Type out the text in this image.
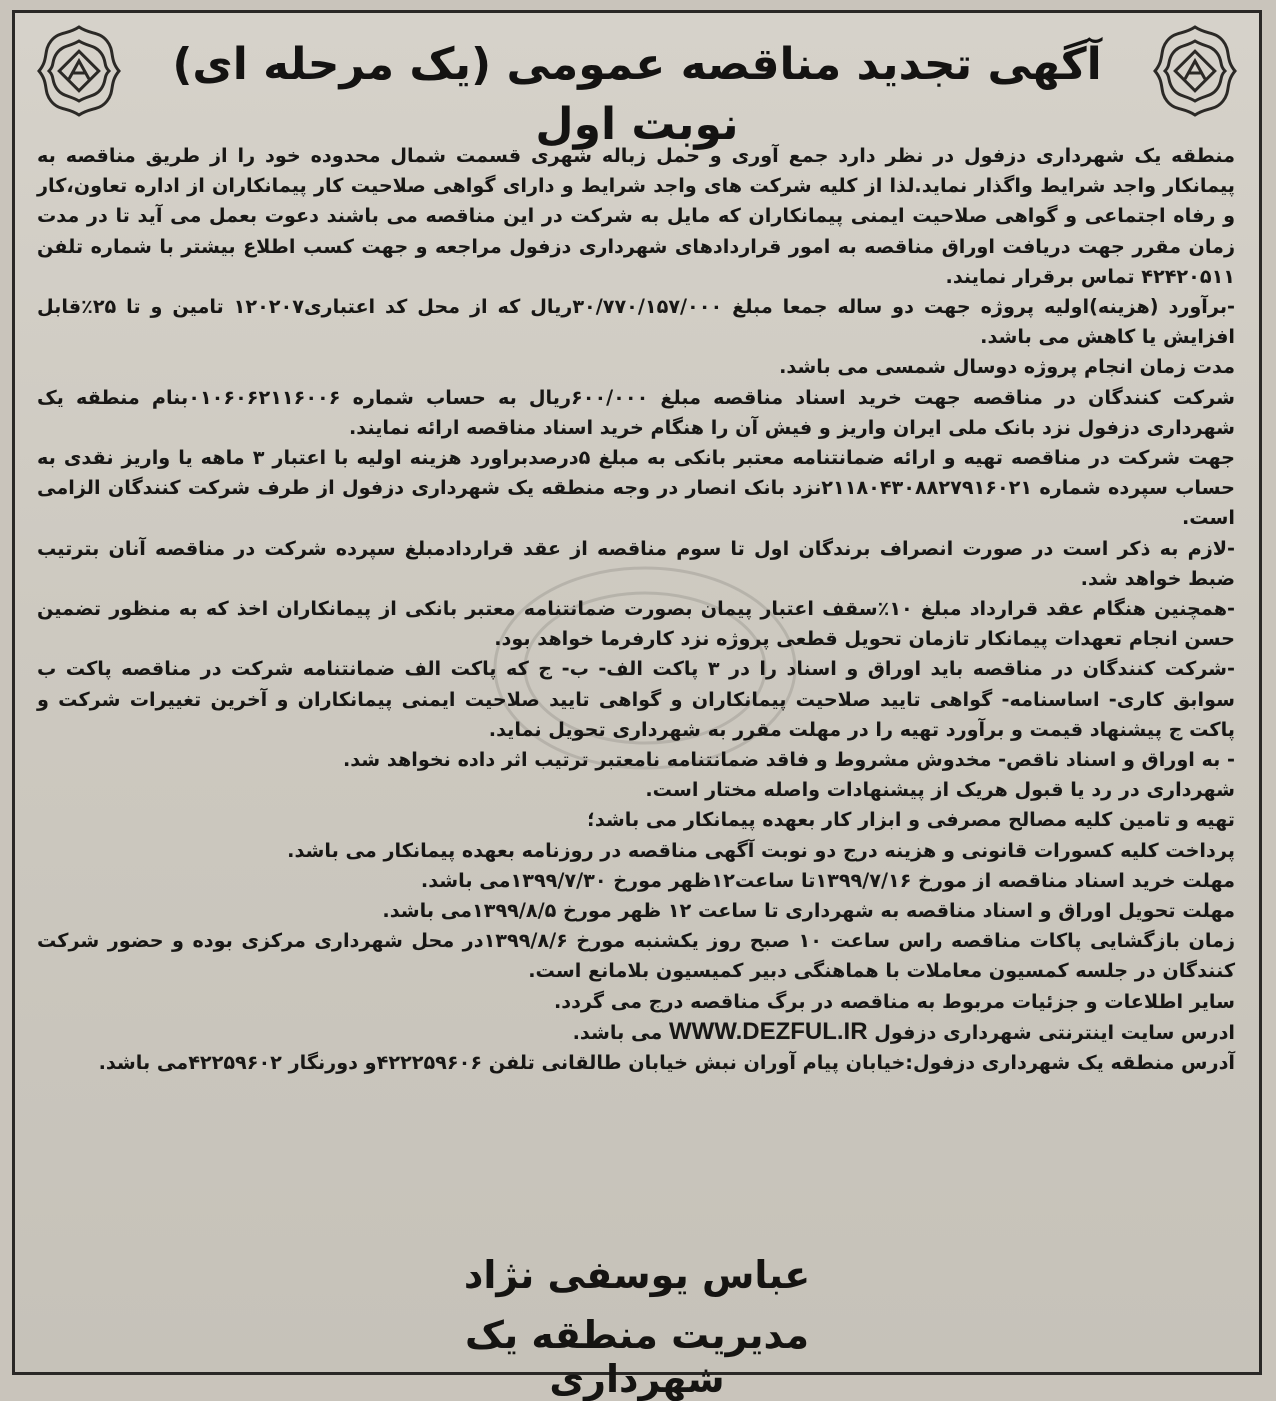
آگهی تجدید مناقصه عمومی (یک مرحله ای) نوبت اول

منطقه یک شهرداری دزفول در نظر دارد جمع آوری و حمل زباله شهری قسمت شمال محدوده خود را از طریق مناقصه به پیمانکار واجد شرایط واگذار نماید.لذا از کلیه شرکت های واجد شرایط و دارای گواهی صلاحیت کار پیمانکاران از اداره تعاون،کار و رفاه اجتماعی و گواهی صلاحیت ایمنی پیمانکاران که مایل به شرکت در این مناقصه می باشند دعوت بعمل می آید تا در مدت زمان مقرر جهت دریافت اوراق مناقصه به امور قراردادهای شهرداری دزفول مراجعه و جهت کسب اطلاع بیشتر با شماره تلفن ۴۲۴۲۰۵۱۱ تماس برقرار نمایند.

-برآورد (هزینه)اولیه پروژه جهت دو ساله جمعا مبلغ ۳۰/۷۷۰/۱۵۷/۰۰۰ریال که از محل کد اعتباری۱۲۰۲۰۷ تامین و تا ۲۵٪قابل افزایش یا کاهش می باشد.

مدت زمان انجام پروژه دوسال شمسی می باشد.

شرکت کنندگان در مناقصه جهت خرید اسناد مناقصه مبلغ ۶۰۰/۰۰۰ریال به حساب شماره ۰۱۰۶۰۶۲۱۱۶۰۰۶بنام منطقه یک شهرداری دزفول نزد بانک ملی ایران واریز و فیش آن را هنگام خرید اسناد مناقصه ارائه نمایند.

جهت شرکت در مناقصه تهیه و ارائه ضمانتنامه معتبر بانکی به مبلغ ۵درصدبراورد هزینه اولیه با اعتبار ۳ ماهه یا واریز نقدی به حساب سپرده شماره ۲۱۱۸۰۴۳۰۸۸۲۷۹۱۶۰۲۱نزد بانک انصار در وجه منطقه یک شهرداری دزفول از طرف شرکت کنندگان الزامی است.

-لازم به ذکر است در صورت انصراف برندگان اول تا سوم مناقصه از عقد قراردادمبلغ سپرده شرکت در مناقصه آنان بترتیب ضبط خواهد شد.

-همچنین هنگام عقد قرارداد مبلغ ۱۰٪سقف اعتبار پیمان بصورت ضمانتنامه معتبر بانکی از پیمانکاران اخذ که به منظور تضمین حسن انجام تعهدات پیمانکار تازمان تحویل قطعی پروژه نزد کارفرما خواهد بود.

-شرکت کنندگان در مناقصه باید اوراق و اسناد را در ۳ پاکت الف- ب- ج که پاکت الف ضمانتنامه شرکت در مناقصه پاکت ب سوابق کاری- اساسنامه- گواهی تایید صلاحیت پیمانکاران و گواهی تایید صلاحیت ایمنی پیمانکاران و آخرین تغییرات شرکت و پاکت ج پیشنهاد قیمت و برآورد تهیه را در مهلت مقرر به شهرداری تحویل نماید.

- به اوراق و اسناد ناقص- مخدوش مشروط و فاقد ضمانتنامه نامعتبر ترتیب اثر داده نخواهد شد.

شهرداری در رد یا قبول هریک از پیشنهادات واصله مختار است.

تهیه و تامین کلیه مصالح مصرفی و ابزار کار بعهده پیمانکار می باشد؛

پرداخت کلیه کسورات قانونی و هزینه درج دو نوبت آگهی مناقصه در روزنامه بعهده پیمانکار می باشد.

مهلت خرید اسناد مناقصه از مورخ ۱۳۹۹/۷/۱۶تا ساعت۱۲ظهر مورخ ۱۳۹۹/۷/۳۰می باشد.

مهلت تحویل اوراق و اسناد مناقصه به شهرداری تا ساعت ۱۲ ظهر مورخ ۱۳۹۹/۸/۵می باشد.

زمان بازگشایی پاکات مناقصه راس ساعت ۱۰ صبح روز یکشنبه مورخ ۱۳۹۹/۸/۶در محل شهرداری مرکزی بوده و حضور شرکت کنندگان در جلسه کمسیون معاملات با هماهنگی دبیر کمیسیون بلامانع است.

سایر اطلاعات و جزئیات مربوط به مناقصه در برگ مناقصه درج می گردد.

ادرس سایت اینترنتی شهرداری دزفول WWW.DEZFUL.IR می باشد.

آدرس منطقه یک شهرداری دزفول:خیابان پیام آوران نبش خیابان طالقانی تلفن ۴۲۲۲۵۹۶۰۶و دورنگار ۴۲۲۵۹۶۰۲می باشد.

عباس یوسفی نژاد
مدیریت منطقه یک شهرداری
